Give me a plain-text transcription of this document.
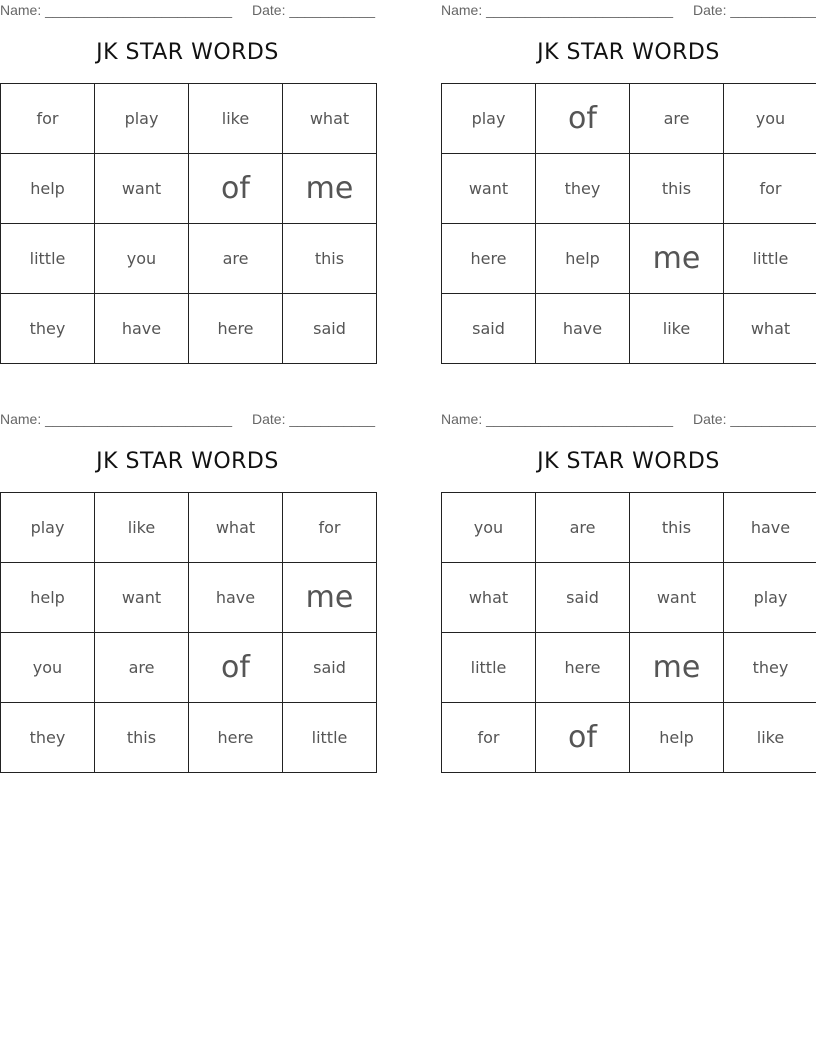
Name: ________________________ Date: ___________
JK STAR WORDS
for	play	like	what
help	want	of	me
little	you	are	this
they	have	here	said
Name: ________________________ Date: ___________
JK STAR WORDS
play	of	are	you
want	they	this	for
here	help	me	little
said	have	like	what
Name: ________________________ Date: ___________
JK STAR WORDS
play	like	what	for
help	want	have	me
you	are	of	said
they	this	here	little
Name: ________________________ Date: ___________
JK STAR WORDS
you	are	this	have
what	said	want	play
little	here	me	they
for	of	help	like
